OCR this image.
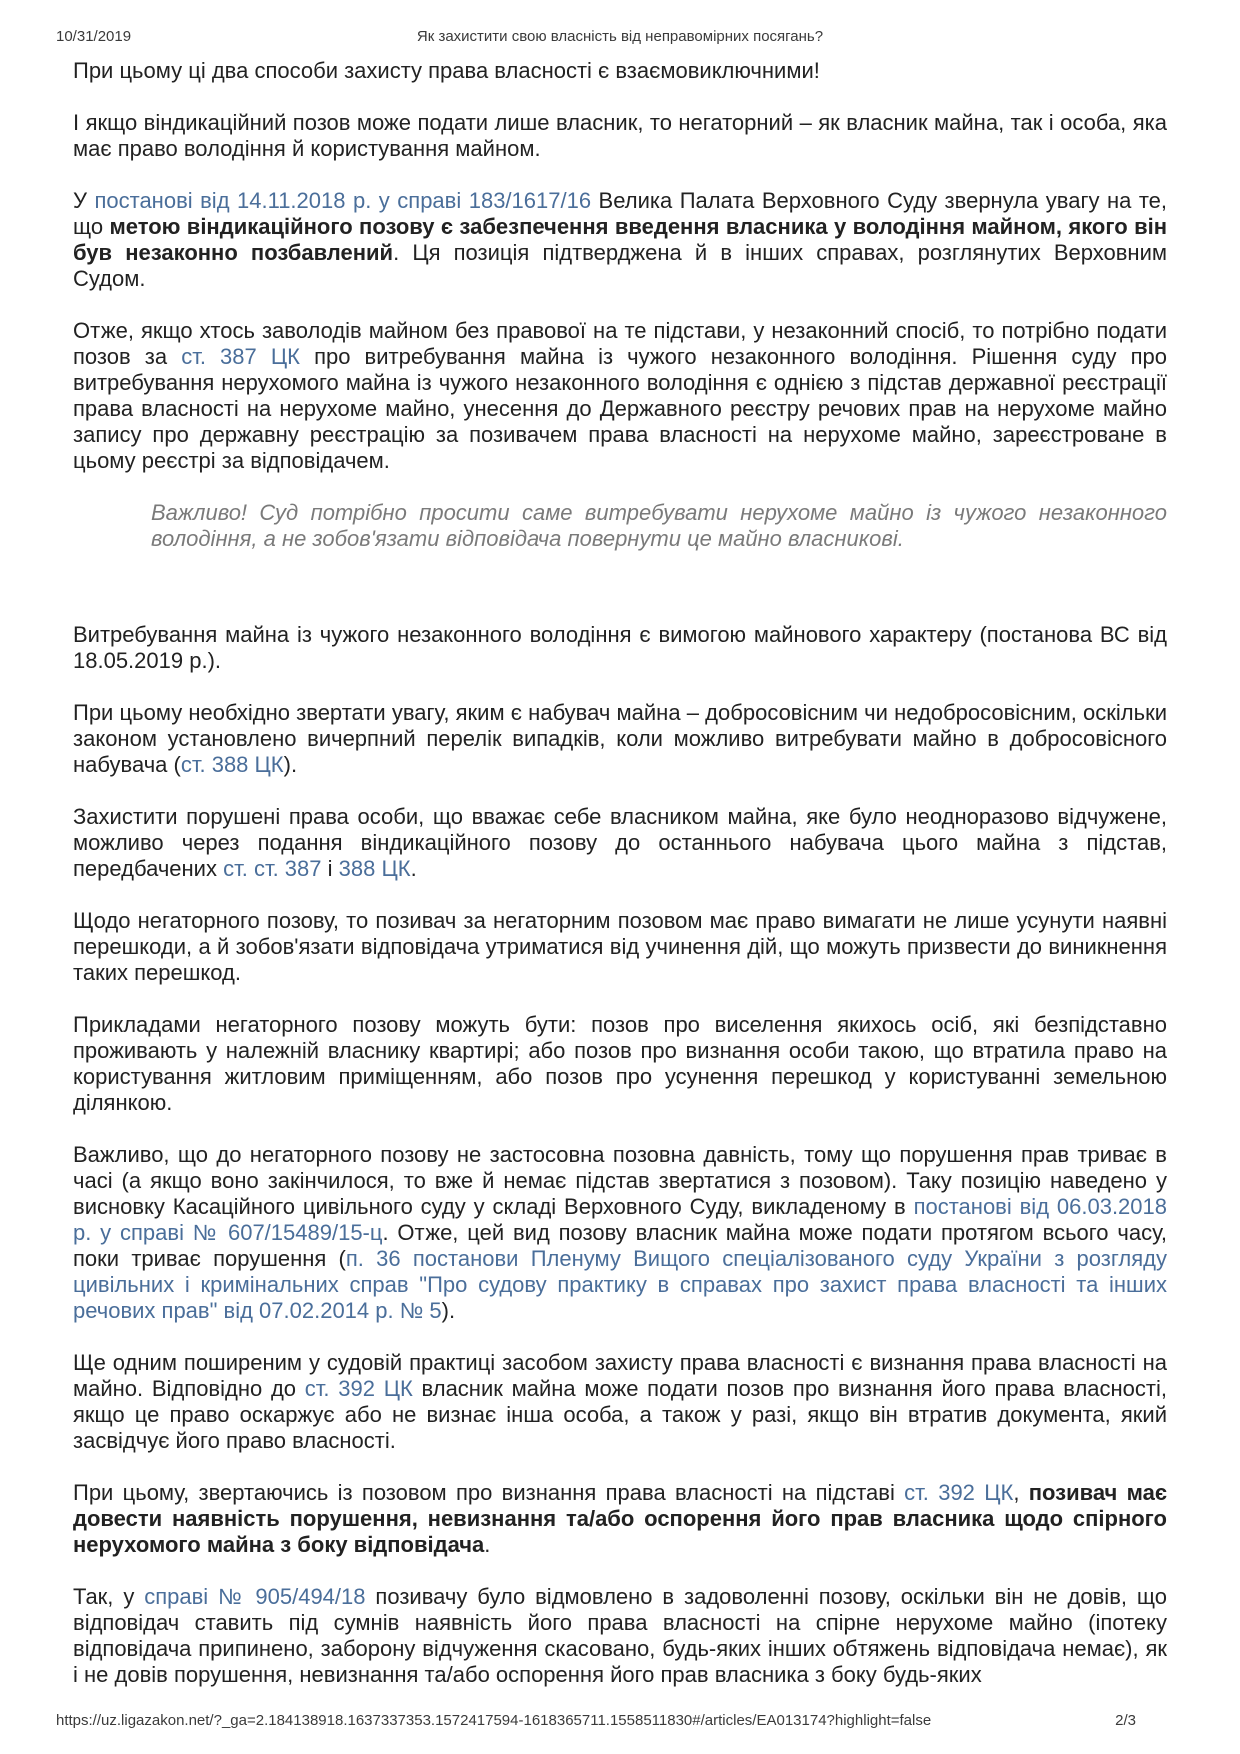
10/31/2019	Як захистити свою власність від неправомірних посягань?

При цьому ці два способи захисту права власності є взаємовиключними!

І якщо віндикаційний позов може подати лише власник, то негаторний – як власник майна, так і особа, яка має право володіння й користування майном.

У постанові від 14.11.2018 р. у справі 183/1617/16 Велика Палата Верховного Суду звернула увагу на те, що метою віндикаційного позову є забезпечення введення власника у володіння майном, якого він був незаконно позбавлений. Ця позиція підтверджена й в інших справах, розглянутих Верховним Судом.

Отже, якщо хтось заволодів майном без правової на те підстави, у незаконний спосіб, то потрібно подати позов за ст. 387 ЦК про витребування майна із чужого незаконного володіння. Рішення суду про витребування нерухомого майна із чужого незаконного володіння є однією з підстав державної реєстрації права власності на нерухоме майно, унесення до Державного реєстру речових прав на нерухоме майно запису про державну реєстрацію за позивачем права власності на нерухоме майно, зареєстроване в цьому реєстрі за відповідачем.

Важливо! Суд потрібно просити саме витребувати нерухоме майно із чужого незаконного володіння, а не зобов'язати відповідача повернути це майно власникові.

Витребування майна із чужого незаконного володіння є вимогою майнового характеру (постанова ВС від 18.05.2019 р.).

При цьому необхідно звертати увагу, яким є набувач майна – добросовісним чи недобросовісним, оскільки законом установлено вичерпний перелік випадків, коли можливо витребувати майно в добросовісного набувача (ст. 388 ЦК).

Захистити порушені права особи, що вважає себе власником майна, яке було неодноразово відчужене, можливо через подання віндикаційного позову до останнього набувача цього майна з підстав, передбачених ст. ст. 387 і 388 ЦК.

Щодо негаторного позову, то позивач за негаторним позовом має право вимагати не лише усунути наявні перешкоди, а й зобов'язати відповідача утриматися від учинення дій, що можуть призвести до виникнення таких перешкод.

Прикладами негаторного позову можуть бути: позов про виселення якихось осіб, які безпідставно проживають у належній власнику квартирі; або позов про визнання особи такою, що втратила право на користування житловим приміщенням, або позов про усунення перешкод у користуванні земельною ділянкою.

Важливо, що до негаторного позову не застосовна позовна давність, тому що порушення прав триває в часі (а якщо воно закінчилося, то вже й немає підстав звертатися з позовом). Таку позицію наведено у висновку Касаційного цивільного суду у складі Верховного Суду, викладеному в постанові від 06.03.2018 р. у справі № 607/15489/15-ц. Отже, цей вид позову власник майна може подати протягом всього часу, поки триває порушення (п. 36 постанови Пленуму Вищого спеціалізованого суду України з розгляду цивільних і кримінальних справ "Про судову практику в справах про захист права власності та інших речових прав" від 07.02.2014 р. № 5).

Ще одним поширеним у судовій практиці засобом захисту права власності є визнання права власності на майно. Відповідно до ст. 392 ЦК власник майна може подати позов про визнання його права власності, якщо це право оскаржує або не визнає інша особа, а також у разі, якщо він втратив документа, який засвідчує його право власності.

При цьому, звертаючись із позовом про визнання права власності на підставі ст. 392 ЦК, позивач має довести наявність порушення, невизнання та/або оспорення його прав власника щодо спірного нерухомого майна з боку відповідача.

Так, у справі № 905/494/18 позивачу було відмовлено в задоволенні позову, оскільки він не довів, що відповідач ставить під сумнів наявність його права власності на спірне нерухоме майно (іпотеку відповідача припинено, заборону відчуження скасовано, будь-яких інших обтяжень відповідача немає), як і не довів порушення, невизнання та/або оспорення його прав власника з боку будь-яких

https://uz.ligazakon.net/?_ga=2.184138918.1637337353.1572417594-1618365711.1558511830#/articles/EA013174?highlight=false	2/3
